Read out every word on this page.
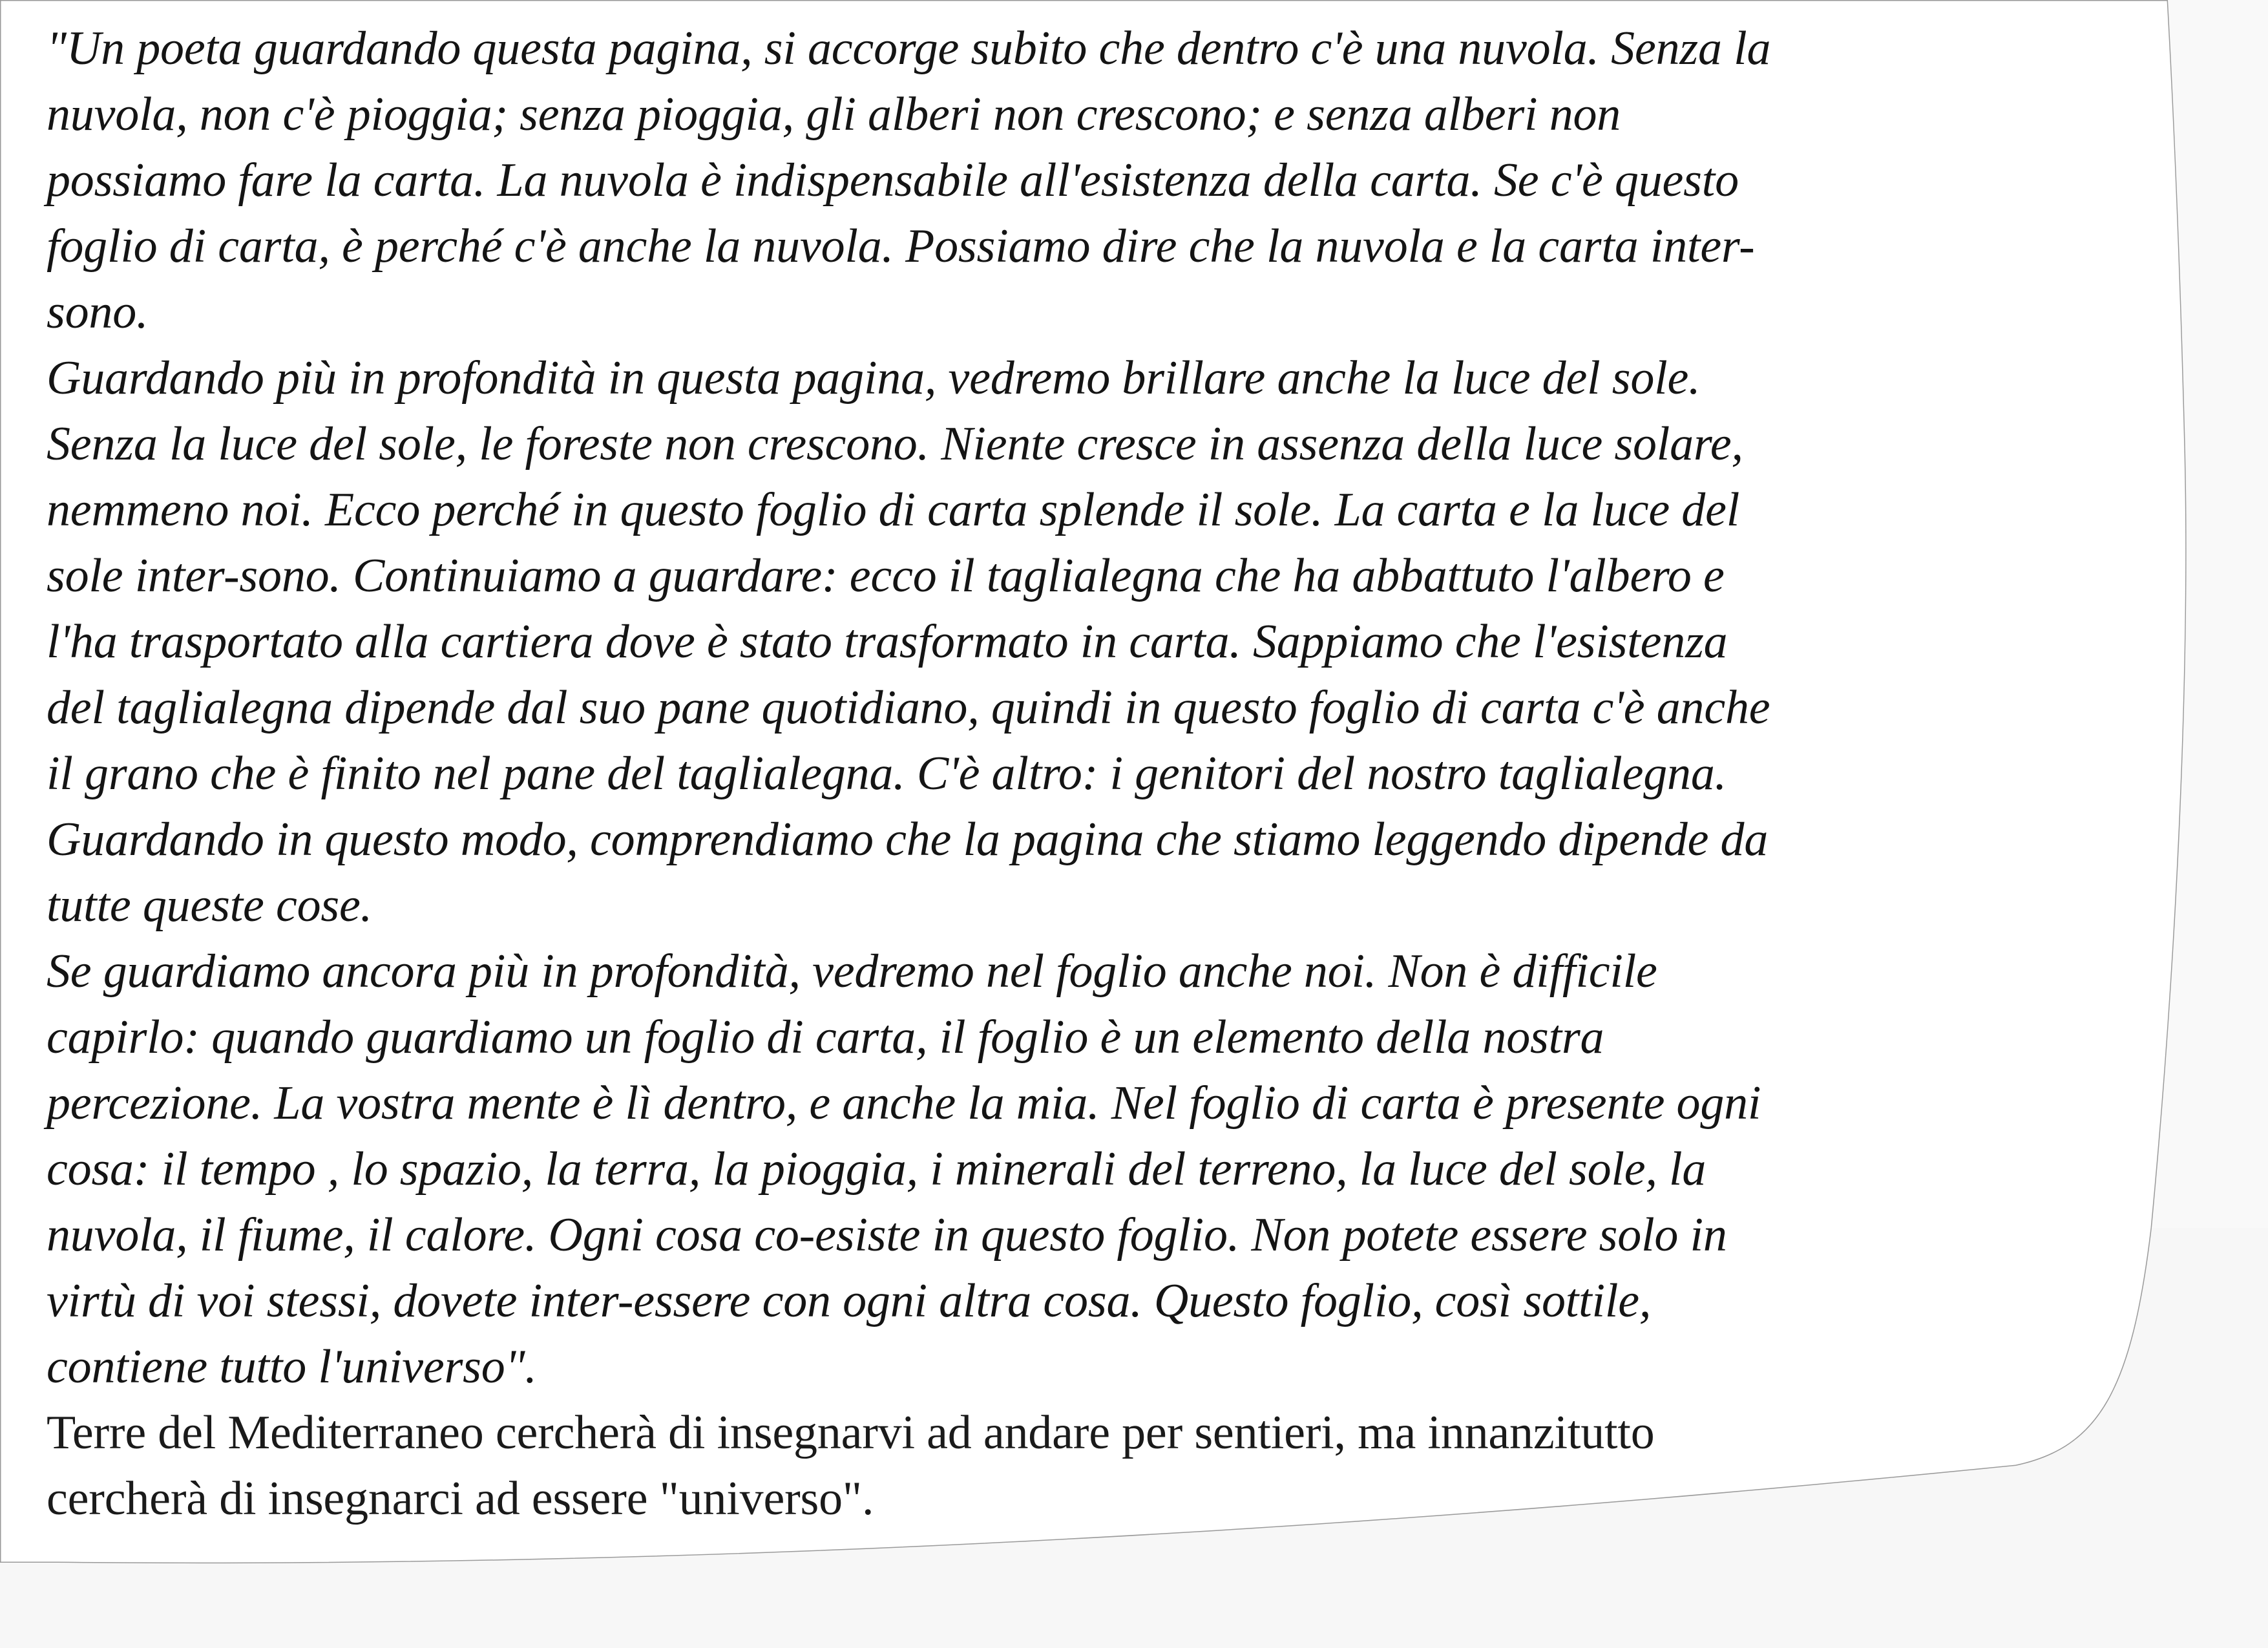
"Un poeta guardando questa pagina, si accorge subito che dentro c'è una nuvola. Senza la

nuvola, non c'è pioggia; senza pioggia, gli alberi non crescono; e senza alberi non

possiamo fare la carta. La nuvola è indispensabile all'esistenza della carta. Se c'è questo

foglio di carta, è perché c'è anche la nuvola. Possiamo dire che la nuvola e la carta inter-

sono.

Guardando più in profondità in questa pagina, vedremo brillare anche la luce del sole.

Senza la luce del sole, le foreste non crescono. Niente cresce in assenza della luce solare,

nemmeno noi. Ecco perché in questo foglio di carta splende il sole. La carta e la luce del

sole inter-sono. Continuiamo a guardare: ecco il taglialegna che ha abbattuto l'albero e

l'ha trasportato alla cartiera dove è stato trasformato in carta. Sappiamo che l'esistenza

del taglialegna dipende dal suo pane quotidiano, quindi in questo foglio di carta c'è anche

il grano che è finito nel pane del taglialegna. C'è altro: i genitori del nostro taglialegna.

Guardando in questo modo, comprendiamo che la pagina che stiamo leggendo dipende da

tutte queste cose.

Se guardiamo ancora più in profondità, vedremo nel foglio anche noi. Non è difficile

capirlo: quando guardiamo un foglio di carta, il foglio è un elemento della nostra

percezione. La vostra mente è lì dentro, e anche la mia. Nel foglio di carta è presente ogni

cosa: il tempo , lo spazio, la terra, la pioggia, i minerali del terreno, la luce del sole, la

nuvola, il fiume, il calore. Ogni cosa co-esiste in questo foglio. Non potete essere solo in

virtù di voi stessi, dovete inter-essere con ogni altra cosa. Questo foglio, così sottile,

contiene tutto l'universo".

Terre del Mediterraneo cercherà di insegnarvi ad andare per sentieri, ma innanzitutto

cercherà di insegnarci ad essere "universo".
